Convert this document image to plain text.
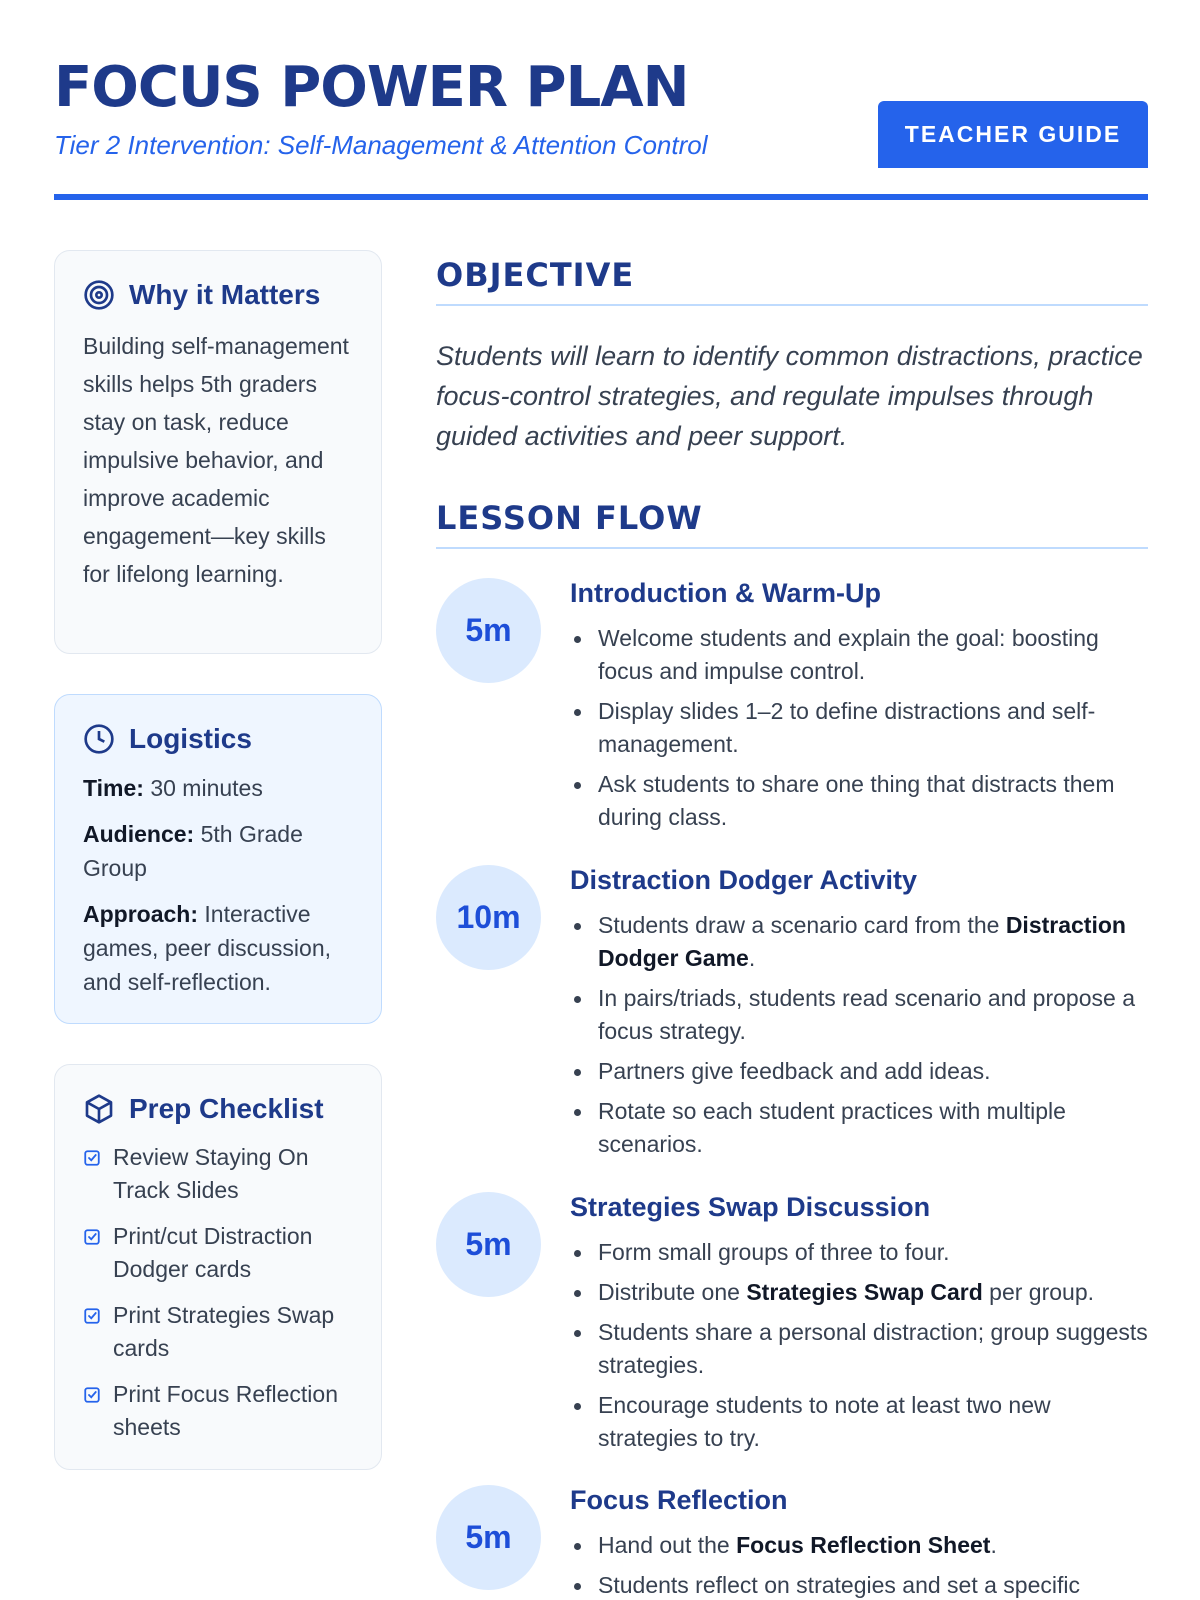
FOCUS POWER PLAN
Tier 2 Intervention: Self-Management & Attention Control	TEACHER GUIDE
Why it Matters
Building self-management skills helps 5th graders stay on task, reduce impulsive behavior, and improve academic engagement—key skills for lifelong learning.
Logistics
Time: 30 minutes
Audience: 5th Grade Group
Approach: Interactive games, peer discussion, and self-reflection.
Prep Checklist
Review Staying On Track Slides
Print/cut Distraction Dodger cards
Print Strategies Swap cards
Print Focus Reflection sheets
OBJECTIVE
Students will learn to identify common distractions, practice focus-control strategies, and regulate impulses through guided activities and peer support.
LESSON FLOW
5m
Introduction & Warm-Up
Welcome students and explain the goal: boosting focus and impulse control.
Display slides 1–2 to define distractions and self-management.
Ask students to share one thing that distracts them during class.
10m
Distraction Dodger Activity
Students draw a scenario card from the Distraction Dodger Game.
In pairs/triads, students read scenario and propose a focus strategy.
Partners give feedback and add ideas.
Rotate so each student practices with multiple scenarios.
5m
Strategies Swap Discussion
Form small groups of three to four.
Distribute one Strategies Swap Card per group.
Students share a personal distraction; group suggests strategies.
Encourage students to note at least two new strategies to try.
5m
Focus Reflection
Hand out the Focus Reflection Sheet.
Students reflect on strategies and set a specific
